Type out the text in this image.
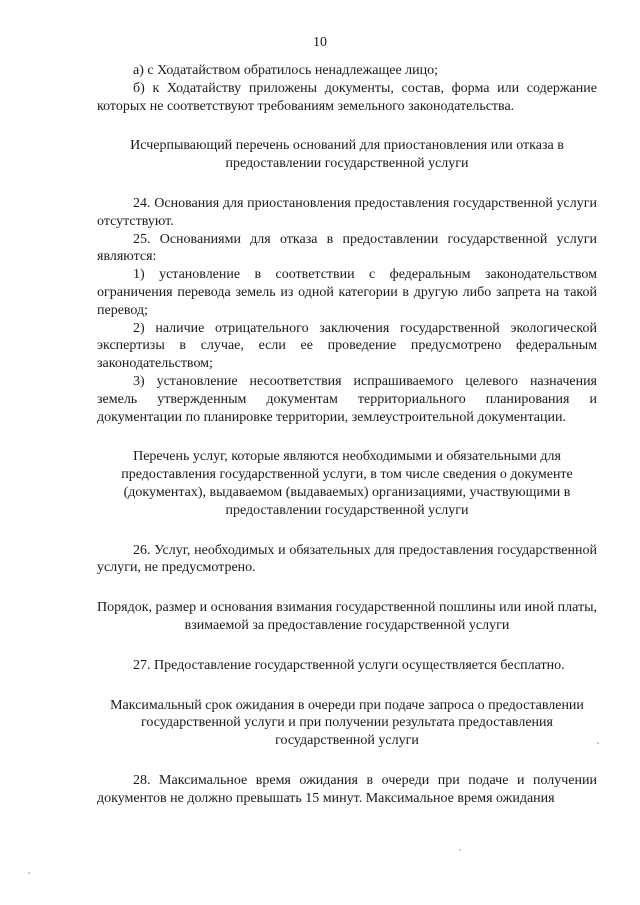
10

а) с Ходатайством обратилось ненадлежащее лицо;

б) к Ходатайству приложены документы, состав, форма или содержание которых не соответствуют требованиям земельного законодательства.

Исчерпывающий перечень оснований для приостановления или отказа в предоставлении государственной услуги

24. Основания для приостановления предоставления государственной услуги отсутствуют.

25. Основаниями для отказа в предоставлении государственной услуги являются:

1) установление в соответствии с федеральным законодательством ограничения перевода земель из одной категории в другую либо запрета на такой перевод;

2) наличие отрицательного заключения государственной экологической экспертизы в случае, если ее проведение предусмотрено федеральным законодательством;

3) установление несоответствия испрашиваемого целевого назначения земель утвержденным документам территориального планирования и документации по планировке территории, землеустроительной документации.

Перечень услуг, которые являются необходимыми и обязательными для предоставления государственной услуги, в том числе сведения о документе (документах), выдаваемом (выдаваемых) организациями, участвующими в предоставлении государственной услуги

26. Услуг, необходимых и обязательных для предоставления государственной услуги, не предусмотрено.

Порядок, размер и основания взимания государственной пошлины или иной платы, взимаемой за предоставление государственной услуги

27. Предоставление государственной услуги осуществляется бесплатно.

Максимальный срок ожидания в очереди при подаче запроса о предоставлении государственной услуги и при получении результата предоставления государственной услуги

28. Максимальное время ожидания в очереди при подаче и получении документов не должно превышать 15 минут. Максимальное время ожидания
